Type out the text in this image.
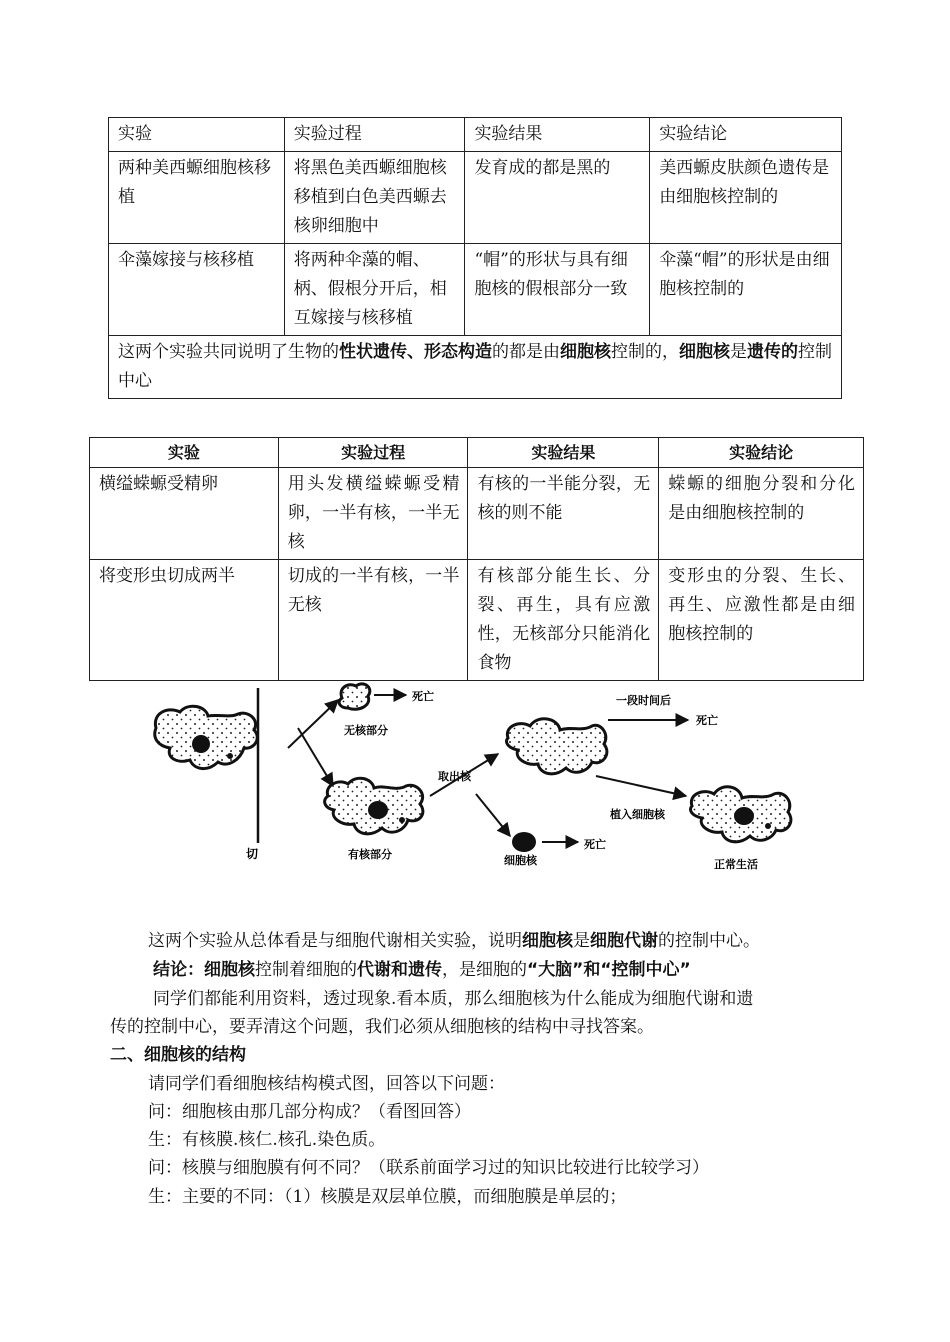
实验	实验过程	实验结果	实验结论
两种美西螈细胞核移植	将黑色美西螈细胞核移植到白色美西螈去核卵细胞中	发育成的都是黑的	美西螈皮肤颜色遗传是由细胞核控制的
伞藻嫁接与核移植	将两种伞藻的帽、柄、假根分开后，相互嫁接与核移植	“帽”的形状与具有细胞核的假根部分一致	伞藻“帽”的形状是由细胞核控制的
这两个实验共同说明了生物的性状遗传、形态构造的都是由细胞核控制的，细胞核是遗传的控制中心			
实验	实验过程	实验结果	实验结论
横缢蝾螈受精卵	用头发横缢蝾螈受精卵，一半有核，一半无核	有核的一半能分裂，无核的则不能	蝾螈的细胞分裂和分化是由细胞核控制的
将变形虫切成两半	切成的一半有核，一半无核	有核部分能生长、分裂、再生，具有应激性，无核部分只能消化食物	变形虫的分裂、生长、再生、应激性都是由细胞核控制的
切
无核部分
死亡
有核部分
取出核
一段时间后
死亡
细胞核
死亡
植入细胞核
正常生活
这两个实验从总体看是与细胞代谢相关实验，说明细胞核是细胞代谢的控制中心。
结论：细胞核控制着细胞的代谢和遗传，是细胞的“大脑”和“控制中心”
同学们都能利用资料，透过现象.看本质，那么细胞核为什么能成为细胞代谢和遗
传的控制中心，要弄清这个问题，我们必须从细胞核的结构中寻找答案。
二、细胞核的结构
请同学们看细胞核结构模式图，回答以下问题：
问：细胞核由那几部分构成？（看图回答）
生：有核膜.核仁.核孔.染色质。
问：核膜与细胞膜有何不同？（联系前面学习过的知识比较进行比较学习）
生：主要的不同：（1）核膜是双层单位膜，而细胞膜是单层的；
